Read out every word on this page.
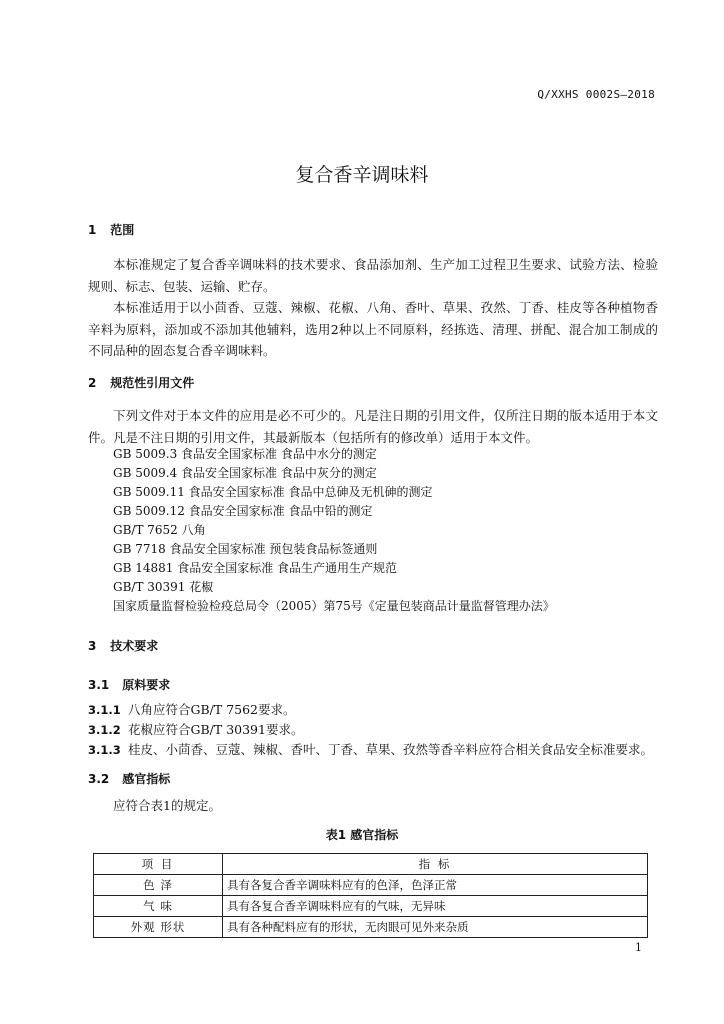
Q/XXHS 0002S—2018
复合香辛调味料
1 范围
本标准规定了复合香辛调味料的技术要求、食品添加剂、生产加工过程卫生要求、试验方法、检验规则、标志、包装、运输、贮存。
本标准适用于以小茴香、豆蔻、辣椒、花椒、八角、香叶、草果、孜然、丁香、桂皮等各种植物香辛料为原料，添加或不添加其他辅料，选用2种以上不同原料，经拣选、清理、拼配、混合加工制成的不同品种的固态复合香辛调味料。
2 规范性引用文件
下列文件对于本文件的应用是必不可少的。凡是注日期的引用文件，仅所注日期的版本适用于本文件。凡是不注日期的引用文件，其最新版本（包括所有的修改单）适用于本文件。
GB 5009.3 食品安全国家标准 食品中水分的测定
GB 5009.4 食品安全国家标准 食品中灰分的测定
GB 5009.11 食品安全国家标准 食品中总砷及无机砷的测定
GB 5009.12 食品安全国家标准 食品中铅的测定
GB/T 7652 八角
GB 7718 食品安全国家标准 预包装食品标签通则
GB 14881 食品安全国家标准 食品生产通用生产规范
GB/T 30391 花椒
国家质量监督检验检疫总局令（2005）第75号《定量包装商品计量监督管理办法》
3 技术要求
3.1 原料要求
3.1.1 八角应符合GB/T 7562要求。
3.1.2 花椒应符合GB/T 30391要求。
3.1.3 桂皮、小茴香、豆蔻、辣椒、香叶、丁香、草果、孜然等香辛料应符合相关食品安全标准要求。
3.2 感官指标
应符合表1的规定。
表1 感官指标
项 目	指 标
色 泽	具有各复合香辛调味料应有的色泽，色泽正常
气 味	具有各复合香辛调味料应有的气味，无异味
外观 形状	具有各种配料应有的形状，无肉眼可见外来杂质
1
